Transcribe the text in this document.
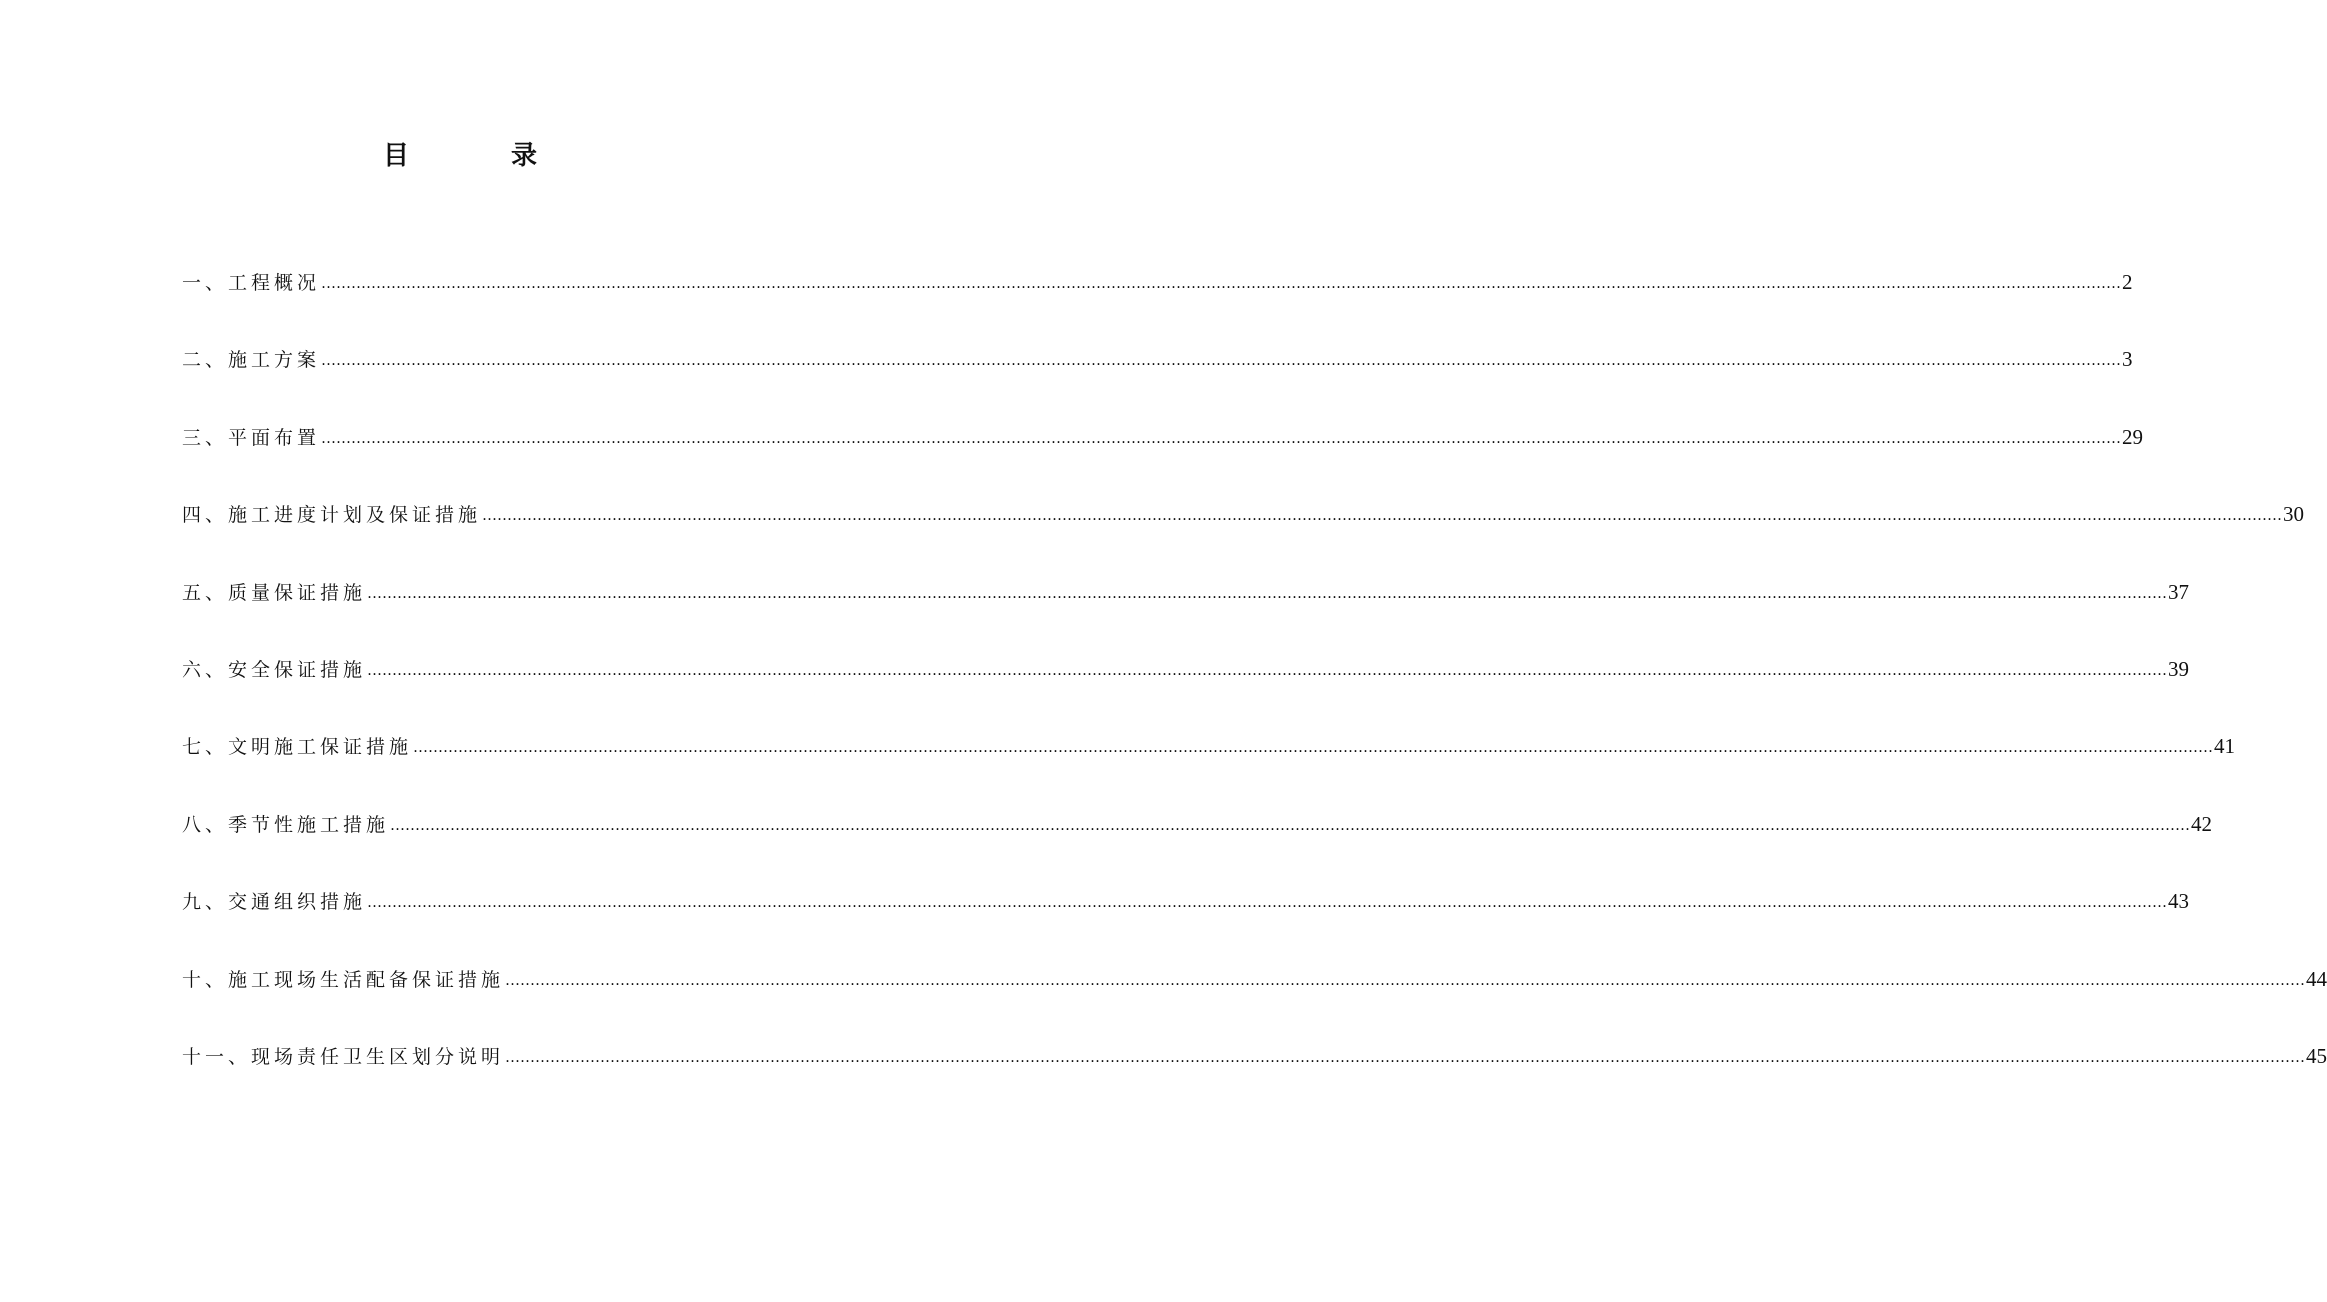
目　录
一、工程概况 ……………………………………………………………………………………………………………………………………………………………………………………………………………………………………………………………………………………………………………………………… 2
二、施工方案 ……………………………………………………………………………………………………………………………………………………………………………………………………………………………………………………………………………………………………………………………… 3
三、平面布置 ……………………………………………………………………………………………………………………………………………………………………………………………………………………………………………………………………………………………………………………………… 29
四、施工进度计划及保证措施 ……………………………………………………………………………………………………………………………………………………………………………………………………………………………………………………………………………………………………………………………… 30
五、质量保证措施 ……………………………………………………………………………………………………………………………………………………………………………………………………………………………………………………………………………………………………………………………… 37
六、安全保证措施 ……………………………………………………………………………………………………………………………………………………………………………………………………………………………………………………………………………………………………………………………… 39
七、文明施工保证措施 ……………………………………………………………………………………………………………………………………………………………………………………………………………………………………………………………………………………………………………………………… 41
八、季节性施工措施 ……………………………………………………………………………………………………………………………………………………………………………………………………………………………………………………………………………………………………………………………… 42
九、交通组织措施 ……………………………………………………………………………………………………………………………………………………………………………………………………………………………………………………………………………………………………………………………… 43
十、施工现场生活配备保证措施 ……………………………………………………………………………………………………………………………………………………………………………………………………………………………………………………………………………………………………………………………… 44
十一、现场责任卫生区划分说明 ……………………………………………………………………………………………………………………………………………………………………………………………………………………………………………………………………………………………………………………………… 45
